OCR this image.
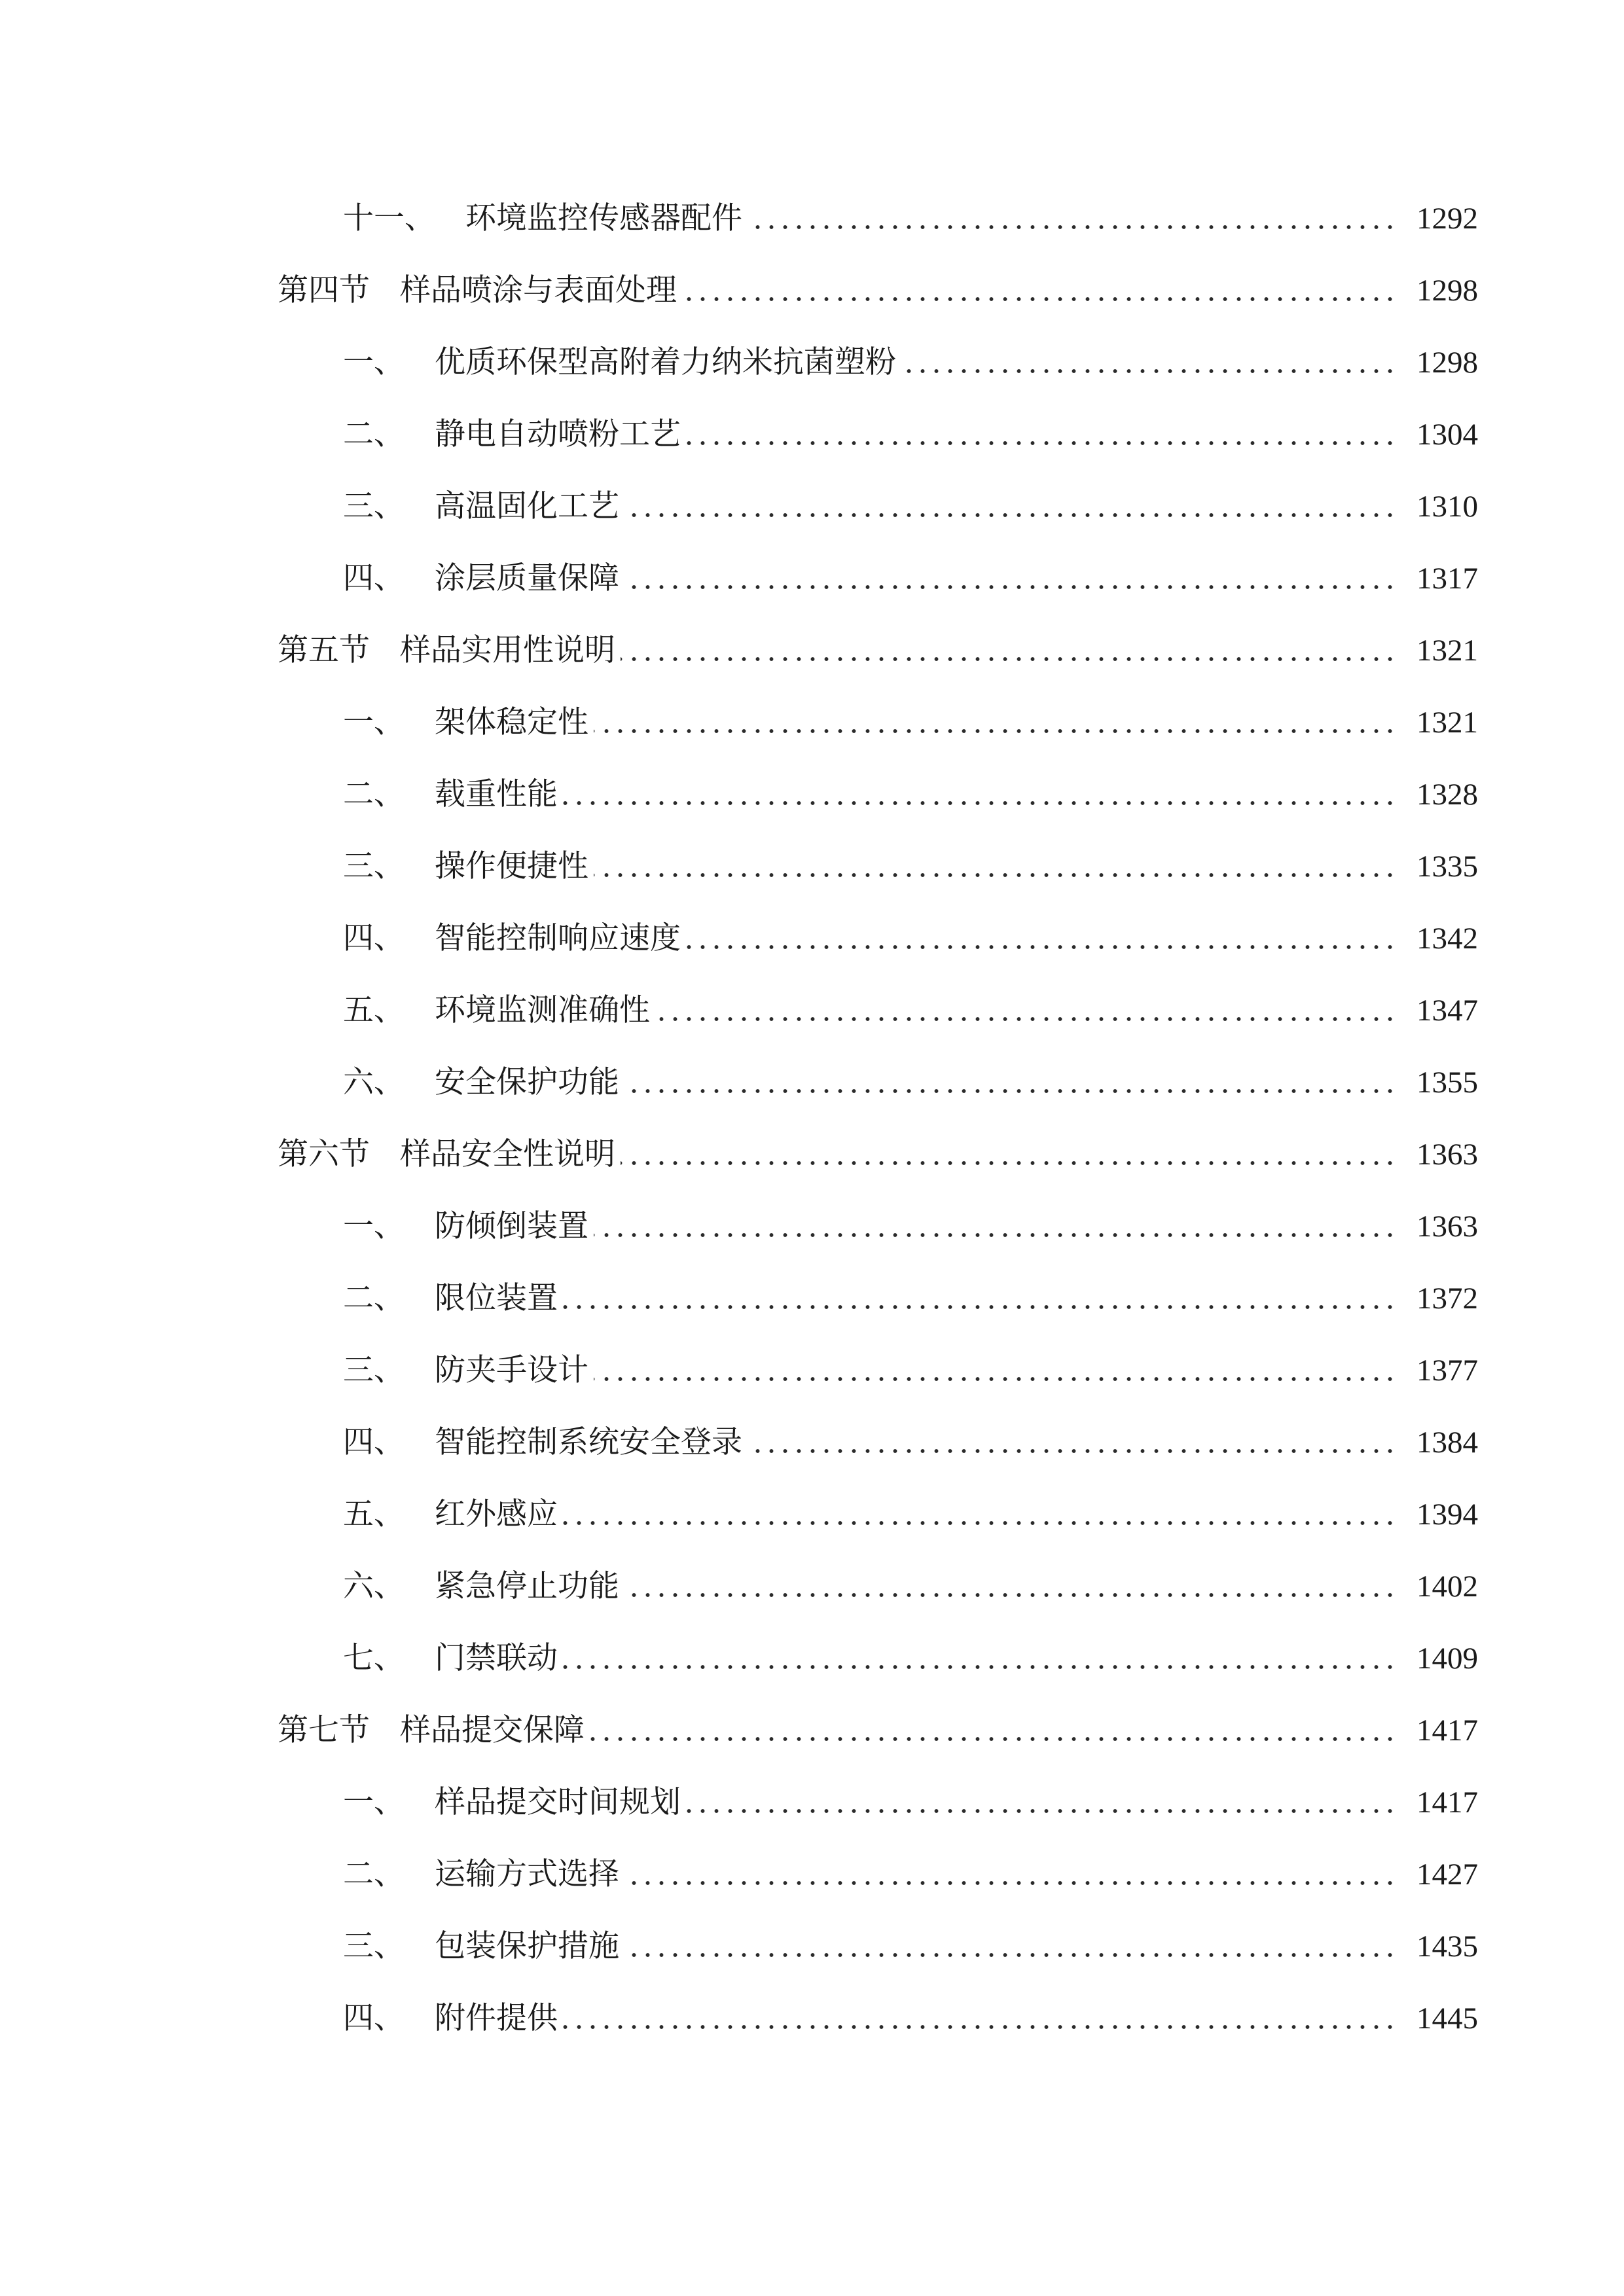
十一、 环境监控传感器配件	1292
第四节 样品喷涂与表面处理	1298
一、 优质环保型高附着力纳米抗菌塑粉	1298
二、 静电自动喷粉工艺	1304
三、 高温固化工艺	1310
四、 涂层质量保障	1317
第五节 样品实用性说明	1321
一、 架体稳定性	1321
二、 载重性能	1328
三、 操作便捷性	1335
四、 智能控制响应速度	1342
五、 环境监测准确性	1347
六、 安全保护功能	1355
第六节 样品安全性说明	1363
一、 防倾倒装置	1363
二、 限位装置	1372
三、 防夹手设计	1377
四、 智能控制系统安全登录	1384
五、 红外感应	1394
六、 紧急停止功能	1402
七、 门禁联动	1409
第七节 样品提交保障	1417
一、 样品提交时间规划	1417
二、 运输方式选择	1427
三、 包装保护措施	1435
四、 附件提供	1445
